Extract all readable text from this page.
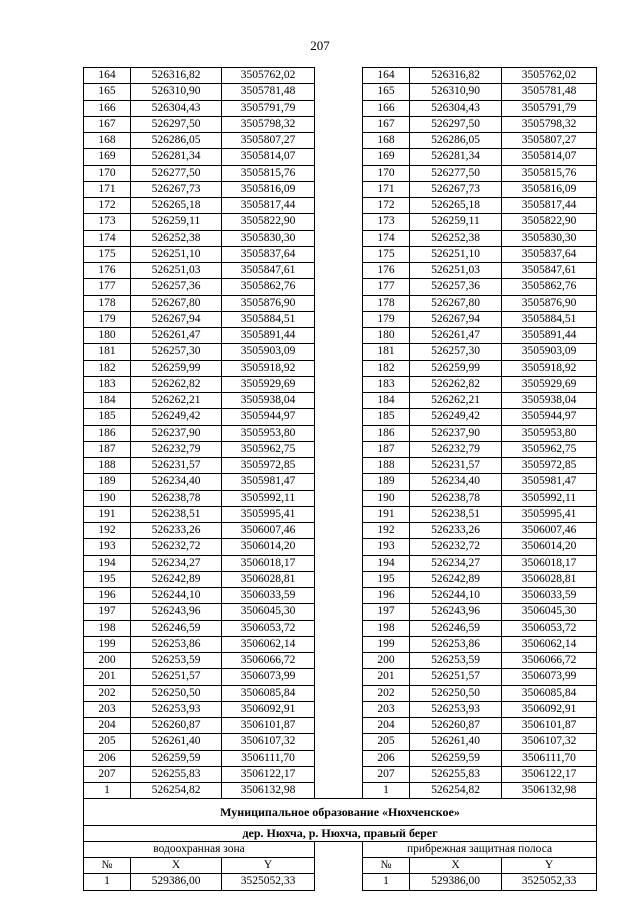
207
164	526316,82	3505762,02		164	526316,82	3505762,02
165	526310,90	3505781,48		165	526310,90	3505781,48
166	526304,43	3505791,79		166	526304,43	3505791,79
167	526297,50	3505798,32		167	526297,50	3505798,32
168	526286,05	3505807,27		168	526286,05	3505807,27
169	526281,34	3505814,07		169	526281,34	3505814,07
170	526277,50	3505815,76		170	526277,50	3505815,76
171	526267,73	3505816,09		171	526267,73	3505816,09
172	526265,18	3505817,44		172	526265,18	3505817,44
173	526259,11	3505822,90		173	526259,11	3505822,90
174	526252,38	3505830,30		174	526252,38	3505830,30
175	526251,10	3505837,64		175	526251,10	3505837,64
176	526251,03	3505847,61		176	526251,03	3505847,61
177	526257,36	3505862,76		177	526257,36	3505862,76
178	526267,80	3505876,90		178	526267,80	3505876,90
179	526267,94	3505884,51		179	526267,94	3505884,51
180	526261,47	3505891,44		180	526261,47	3505891,44
181	526257,30	3505903,09		181	526257,30	3505903,09
182	526259,99	3505918,92		182	526259,99	3505918,92
183	526262,82	3505929,69		183	526262,82	3505929,69
184	526262,21	3505938,04		184	526262,21	3505938,04
185	526249,42	3505944,97		185	526249,42	3505944,97
186	526237,90	3505953,80		186	526237,90	3505953,80
187	526232,79	3505962,75		187	526232,79	3505962,75
188	526231,57	3505972,85		188	526231,57	3505972,85
189	526234,40	3505981,47		189	526234,40	3505981,47
190	526238,78	3505992,11		190	526238,78	3505992,11
191	526238,51	3505995,41		191	526238,51	3505995,41
192	526233,26	3506007,46		192	526233,26	3506007,46
193	526232,72	3506014,20		193	526232,72	3506014,20
194	526234,27	3506018,17		194	526234,27	3506018,17
195	526242,89	3506028,81		195	526242,89	3506028,81
196	526244,10	3506033,59		196	526244,10	3506033,59
197	526243,96	3506045,30		197	526243,96	3506045,30
198	526246,59	3506053,72		198	526246,59	3506053,72
199	526253,86	3506062,14		199	526253,86	3506062,14
200	526253,59	3506066,72		200	526253,59	3506066,72
201	526251,57	3506073,99		201	526251,57	3506073,99
202	526250,50	3506085,84		202	526250,50	3506085,84
203	526253,93	3506092,91		203	526253,93	3506092,91
204	526260,87	3506101,87		204	526260,87	3506101,87
205	526261,40	3506107,32		205	526261,40	3506107,32
206	526259,59	3506111,70		206	526259,59	3506111,70
207	526255,83	3506122,17		207	526255,83	3506122,17
1	526254,82	3506132,98		1	526254,82	3506132,98
Муниципальное образование «Нюхченское»						
дер. Нюхча, р. Нюхча, правый берег						
водоохранная зона				прибрежная защитная полоса		
№	X	Y		№	X	Y
1	529386,00	3525052,33		1	529386,00	3525052,33
